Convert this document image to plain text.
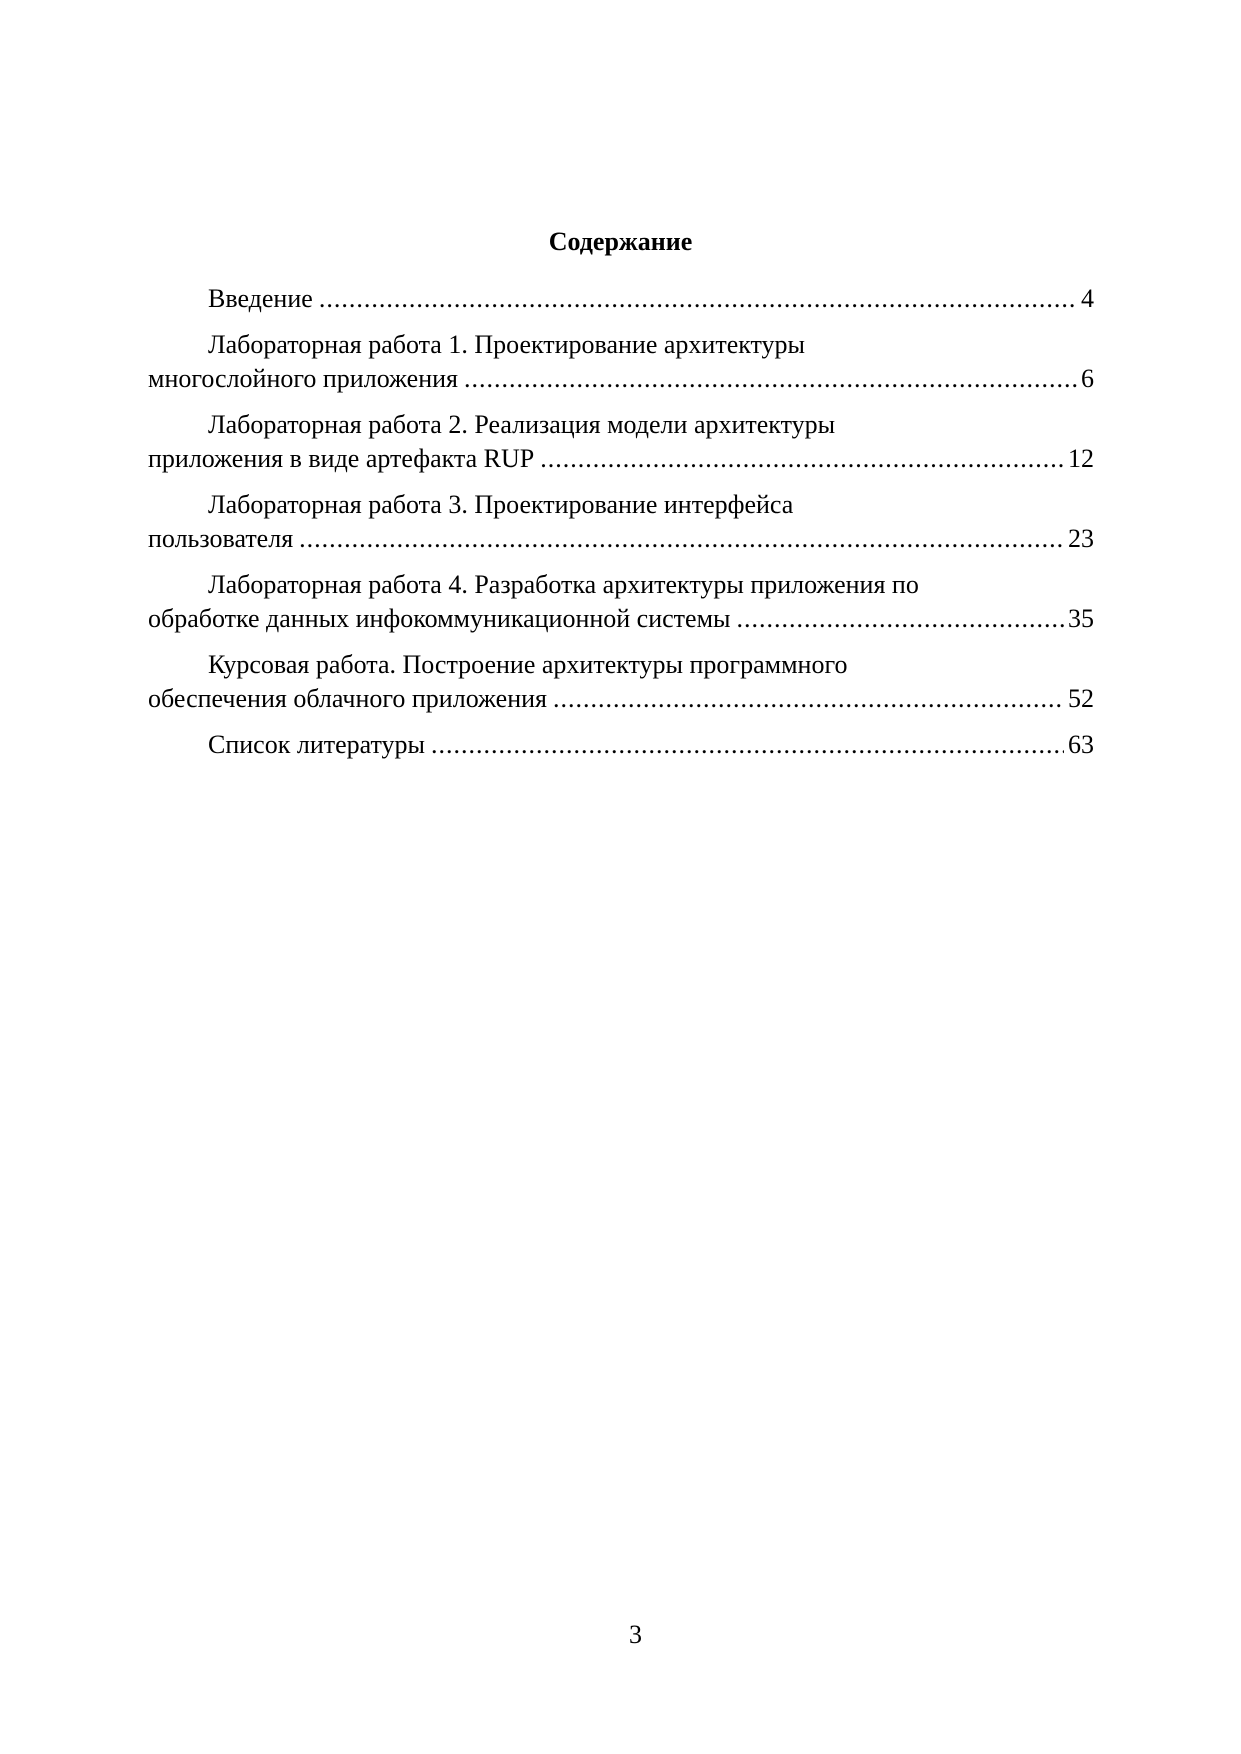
Содержание
Введение .....	4
Лабораторная работа 1. Проектирование архитектуры
многослойного приложения .....	6
Лабораторная работа 2. Реализация модели архитектуры
приложения в виде артефакта RUP .....	12
Лабораторная работа 3. Проектирование интерфейса
пользователя .....	23
Лабораторная работа 4. Разработка архитектуры приложения по
обработке данных инфокоммуникационной системы .....	35
Курсовая работа. Построение архитектуры программного
обеспечения облачного приложения .....	52
Список литературы .....	63
3
